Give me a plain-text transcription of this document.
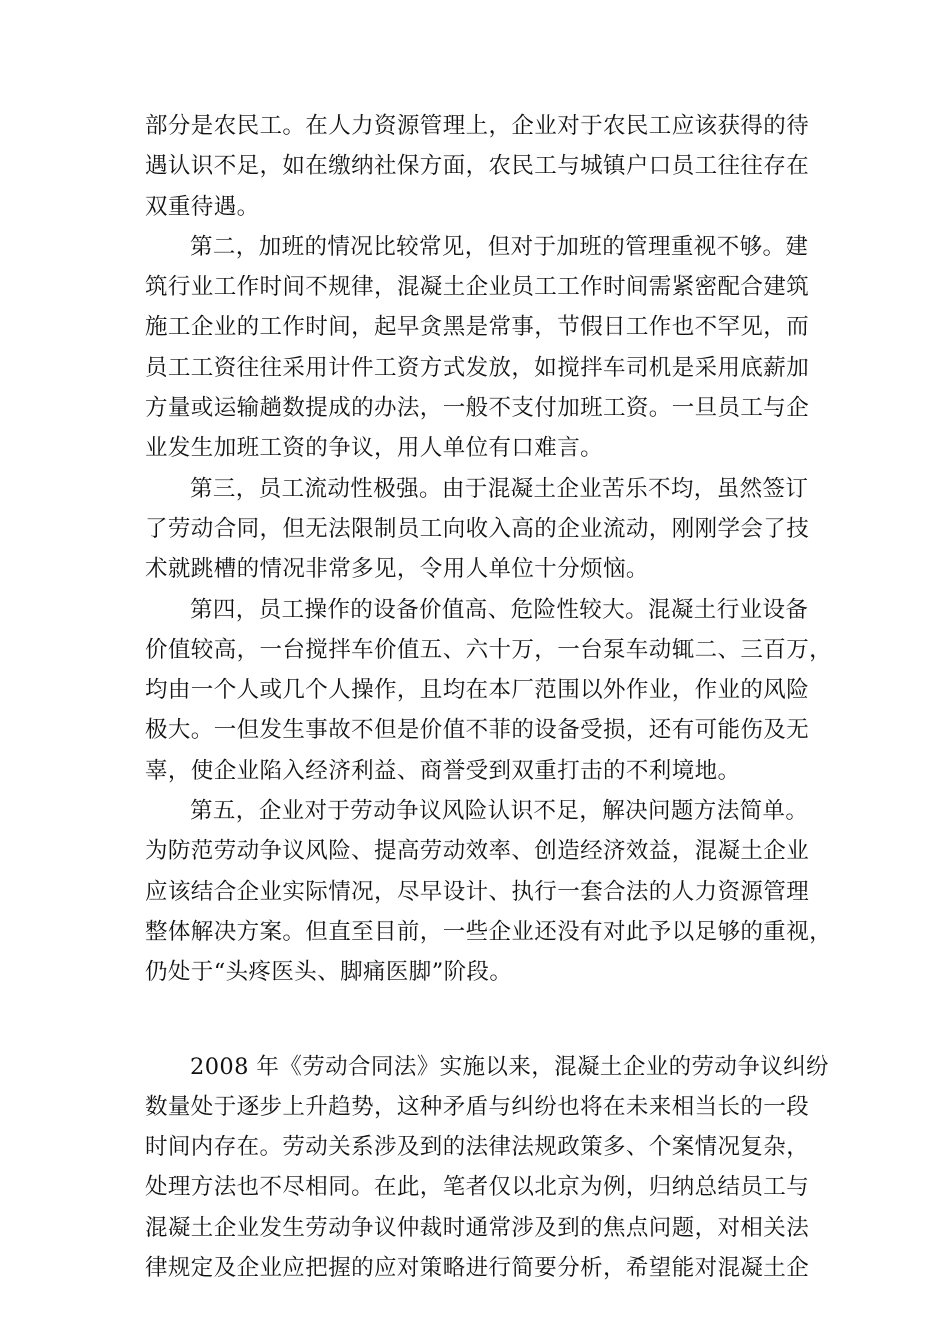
部分是农民工。在人力资源管理上，企业对于农民工应该获得的待
遇认识不足，如在缴纳社保方面，农民工与城镇户口员工往往存在
双重待遇。
第二，加班的情况比较常见，但对于加班的管理重视不够。建
筑行业工作时间不规律，混凝土企业员工工作时间需紧密配合建筑
施工企业的工作时间，起早贪黑是常事，节假日工作也不罕见，而
员工工资往往采用计件工资方式发放，如搅拌车司机是采用底薪加
方量或运输趟数提成的办法，一般不支付加班工资。一旦员工与企
业发生加班工资的争议，用人单位有口难言。
第三，员工流动性极强。由于混凝土企业苦乐不均，虽然签订
了劳动合同，但无法限制员工向收入高的企业流动，刚刚学会了技
术就跳槽的情况非常多见，令用人单位十分烦恼。
第四，员工操作的设备价值高、危险性较大。混凝土行业设备
价值较高，一台搅拌车价值五、六十万，一台泵车动辄二、三百万，
均由一个人或几个人操作，且均在本厂范围以外作业，作业的风险
极大。一但发生事故不但是价值不菲的设备受损，还有可能伤及无
辜，使企业陷入经济利益、商誉受到双重打击的不利境地。
第五，企业对于劳动争议风险认识不足，解决问题方法简单。
为防范劳动争议风险、提高劳动效率、创造经济效益，混凝土企业
应该结合企业实际情况，尽早设计、执行一套合法的人力资源管理
整体解决方案。但直至目前，一些企业还没有对此予以足够的重视，
仍处于“头疼医头、脚痛医脚”阶段。
2008 年《劳动合同法》实施以来，混凝土企业的劳动争议纠纷
数量处于逐步上升趋势，这种矛盾与纠纷也将在未来相当长的一段
时间内存在。劳动关系涉及到的法律法规政策多、个案情况复杂，
处理方法也不尽相同。在此，笔者仅以北京为例，归纳总结员工与
混凝土企业发生劳动争议仲裁时通常涉及到的焦点问题，对相关法
律规定及企业应把握的应对策略进行简要分析，希望能对混凝土企
